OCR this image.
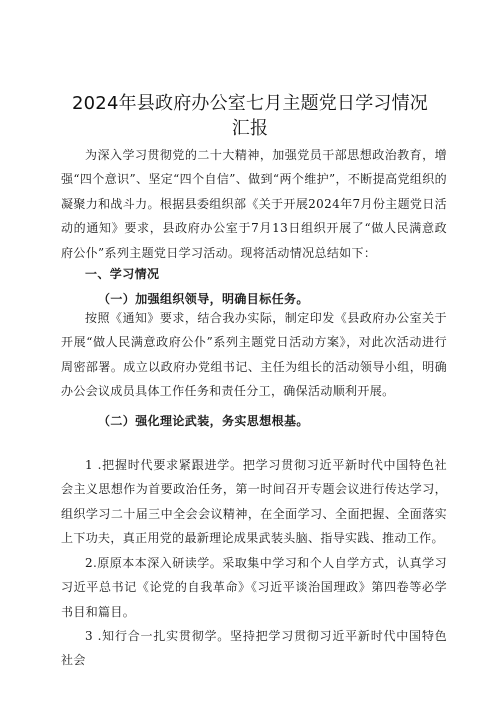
2024年县政府办公室七月主题党日学习情况
汇报

为深入学习贯彻党的二十大精神，加强党员干部思想政治教育，增强“四个意识”、坚定“四个自信”、做到“两个维护”，不断提高党组织的凝聚力和战斗力。根据县委组织部《关于开展2024年7月份主题党日活动的通知》要求，县政府办公室于7月13日组织开展了“做人民满意政府公仆”系列主题党日学习活动。现将活动情况总结如下：

一、学习情况
（一）加强组织领导，明确目标任务。

按照《通知》要求，结合我办实际，制定印发《县政府办公室关于开展“做人民满意政府公仆”系列主题党日活动方案》，对此次活动进行周密部署。成立以政府办党组书记、主任为组长的活动领导小组，明确办公会议成员具体工作任务和责任分工，确保活动顺利开展。

（二）强化理论武装，务实思想根基。

1 .把握时代要求紧跟进学。把学习贯彻习近平新时代中国特色社会主义思想作为首要政治任务，第一时间召开专题会议进行传达学习，组织学习二十届三中全会会议精神，在全面学习、全面把握、全面落实上下功夫，真正用党的最新理论成果武装头脑、指导实践、推动工作。

2.原原本本深入研读学。采取集中学习和个人自学方式，认真学习习近平总书记《论党的自我革命》《习近平谈治国理政》第四卷等必学书目和篇目。

3 .知行合一扎实贯彻学。坚持把学习贯彻习近平新时代中国特色社会
